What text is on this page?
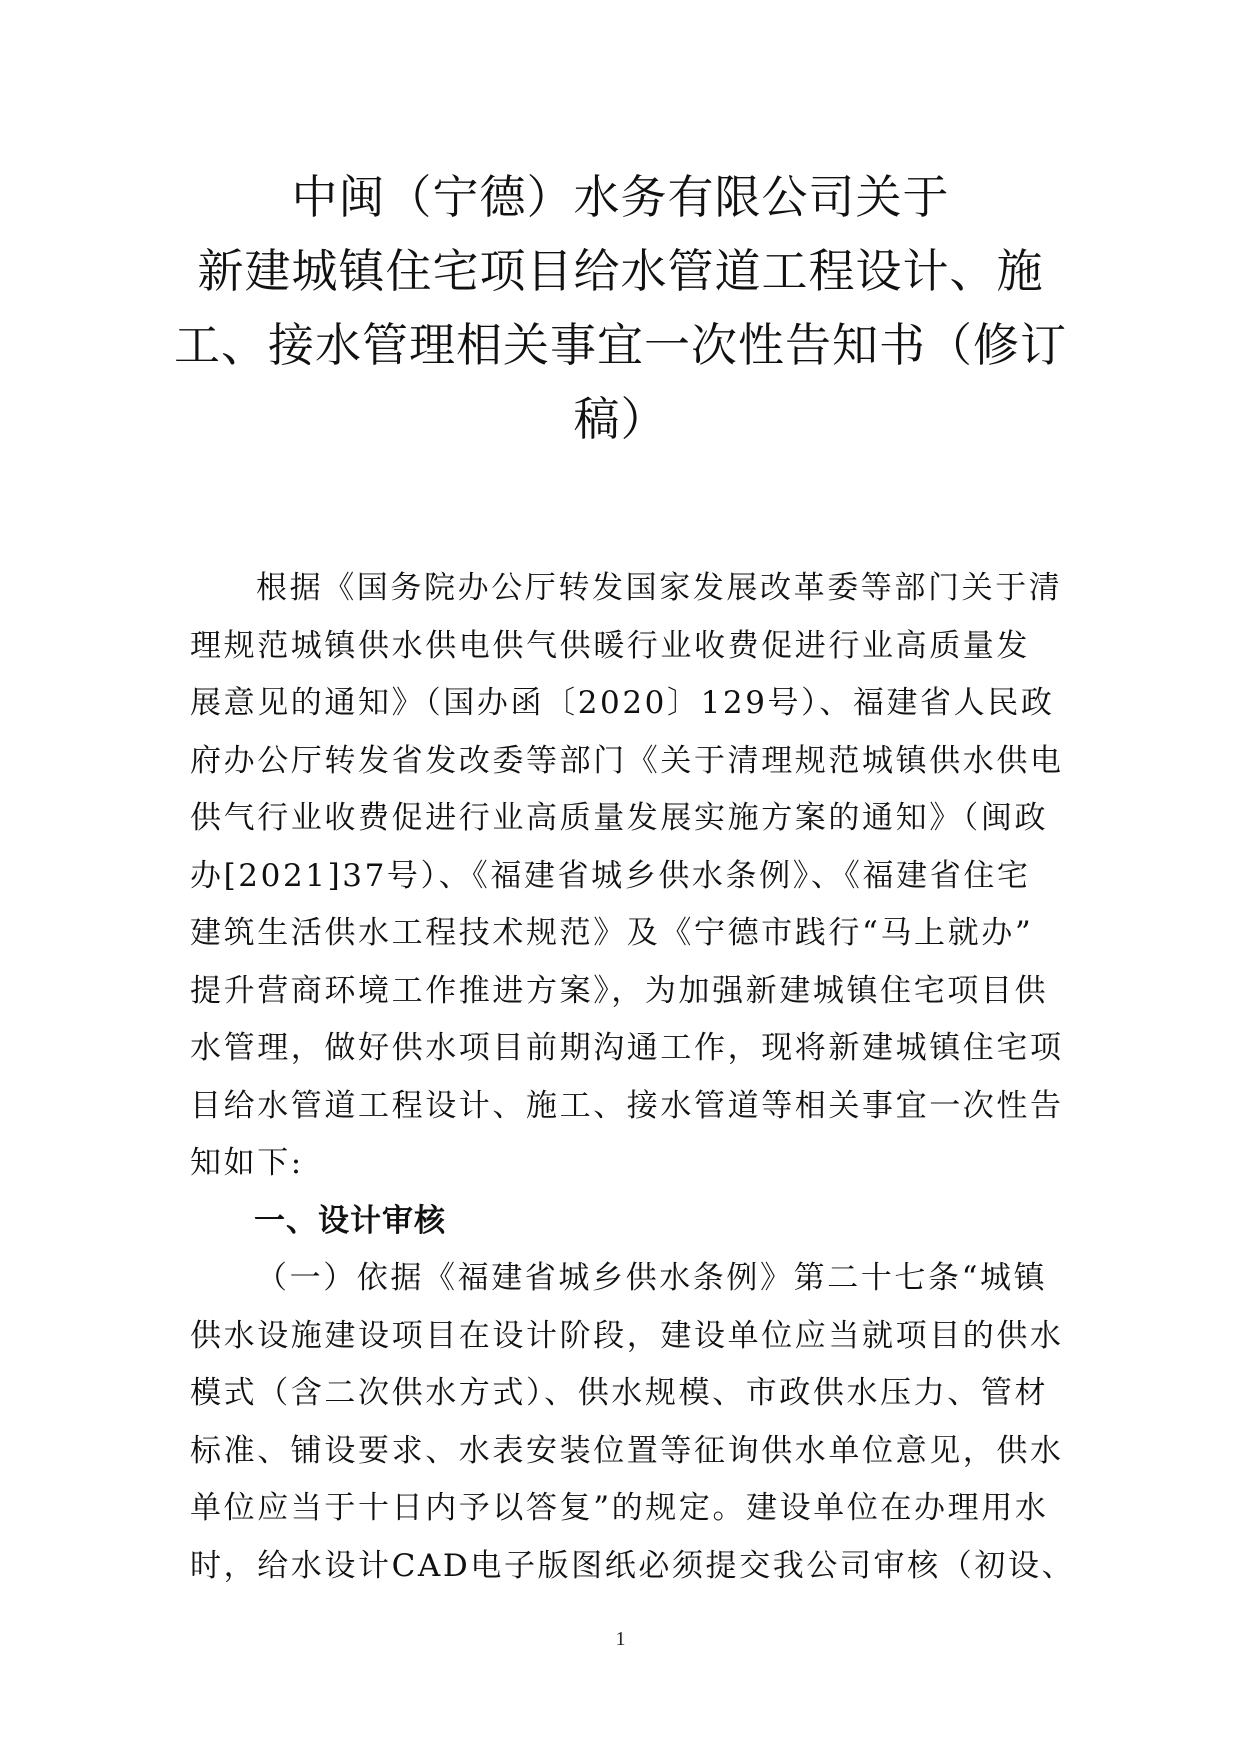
中闽（宁德）水务有限公司关于
新建城镇住宅项目给水管道工程设计、施
工、接水管理相关事宜一次性告知书（修订
稿）
根据《国务院办公厅转发国家发展改革委等部门关于清
理规范城镇供水供电供气供暖行业收费促进行业高质量发
展意见的通知》（国办函〔2020〕129号）、福建省人民政
府办公厅转发省发改委等部门《关于清理规范城镇供水供电
供气行业收费促进行业高质量发展实施方案的通知》（闽政
办[2021]37号）、《福建省城乡供水条例》、《福建省住宅
建筑生活供水工程技术规范》及《宁德市践行“马上就办”
提升营商环境工作推进方案》，为加强新建城镇住宅项目供
水管理，做好供水项目前期沟通工作，现将新建城镇住宅项
目给水管道工程设计、施工、接水管道等相关事宜一次性告
知如下:
一、设计审核
（一）依据《福建省城乡供水条例》第二十七条“城镇
供水设施建设项目在设计阶段，建设单位应当就项目的供水
模式（含二次供水方式）、供水规模、市政供水压力、管材
标准、铺设要求、水表安装位置等征询供水单位意见，供水
单位应当于十日内予以答复”的规定。建设单位在办理用水
时，给水设计CAD电子版图纸必须提交我公司审核（初设、
1
